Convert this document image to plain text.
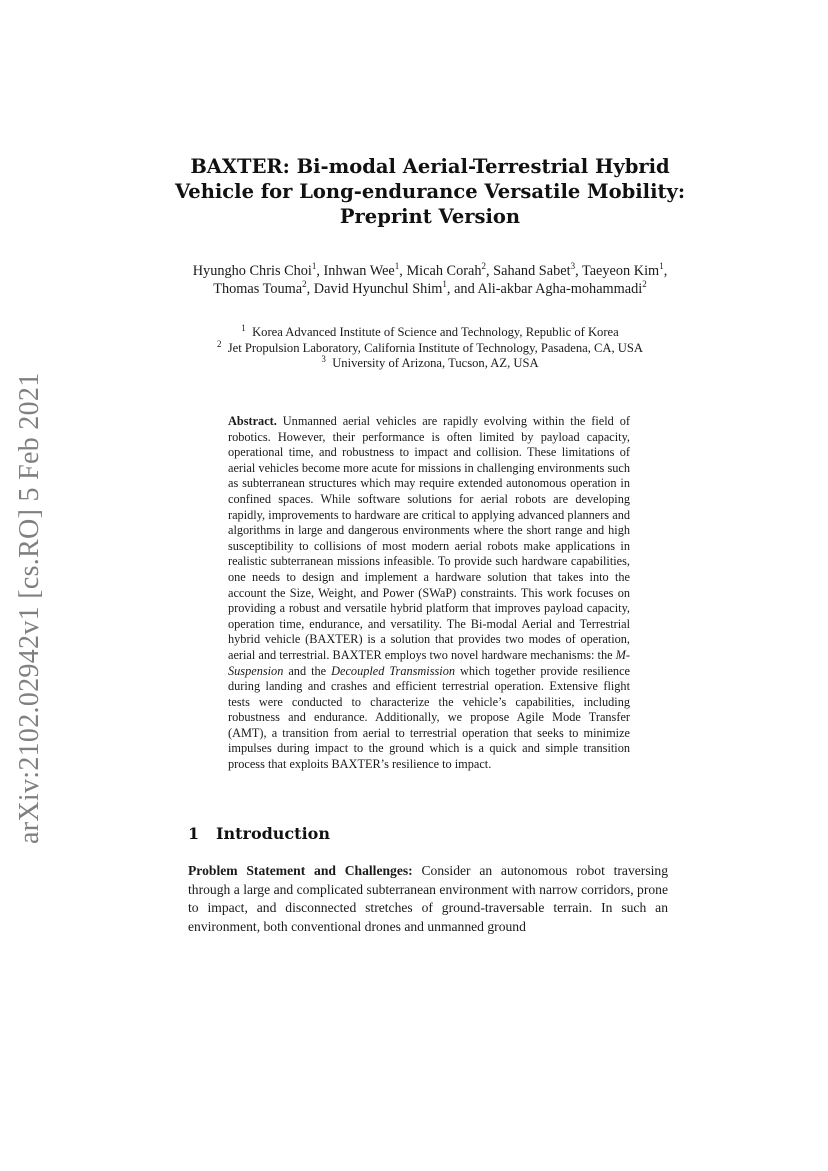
arXiv:2102.02942v1 [cs.RO] 5 Feb 2021
BAXTER: Bi-modal Aerial-Terrestrial Hybrid
Vehicle for Long-endurance Versatile Mobility:
Preprint Version
Hyungho Chris Choi$^1$, Inhwan Wee$^1$, Micah Corah$^2$, Sahand Sabet$^3$, Taeyeon Kim$^1$, Thomas Touma$^2$, David Hyunchul Shim$^1$, and Ali-akbar Agha-mohammadi$^2$
$^1$ Korea Advanced Institute of Science and Technology, Republic of Korea
$^2$ Jet Propulsion Laboratory, California Institute of Technology, Pasadena, CA, USA
$^3$ University of Arizona, Tucson, AZ, USA
Abstract. Unmanned aerial vehicles are rapidly evolving within the field of robotics. However, their performance is often limited by payload capacity, operational time, and robustness to impact and collision. These limitations of aerial vehicles become more acute for missions in challenging environments such as subterranean structures which may require extended autonomous operation in confined spaces. While software solutions for aerial robots are developing rapidly, improvements to hardware are critical to applying advanced planners and algorithms in large and dangerous environments where the short range and high susceptibility to collisions of most modern aerial robots make applications in realistic subterranean missions infeasible. To provide such hardware capabilities, one needs to design and implement a hardware solution that takes into the account the Size, Weight, and Power (SWaP) constraints. This work focuses on providing a robust and versatile hybrid platform that improves payload capacity, operation time, endurance, and versatility. The Bi-modal Aerial and Terrestrial hybrid vehicle (BAXTER) is a solution that provides two modes of operation, aerial and terrestrial. BAXTER employs two novel hardware mechanisms: the M-Suspension and the Decoupled Transmission which together provide resilience during landing and crashes and efficient terrestrial operation. Extensive flight tests were conducted to characterize the vehicle’s capabilities, including robustness and endurance. Additionally, we propose Agile Mode Transfer (AMT), a transition from aerial to terrestrial operation that seeks to minimize impulses during impact to the ground which is a quick and simple transition process that exploits BAXTER’s resilience to impact.
1 Introduction
Problem Statement and Challenges: Consider an autonomous robot traversing through a large and complicated subterranean environment with narrow corridors, prone to impact, and disconnected stretches of ground-traversable terrain. In such an environment, both conventional drones and unmanned ground
